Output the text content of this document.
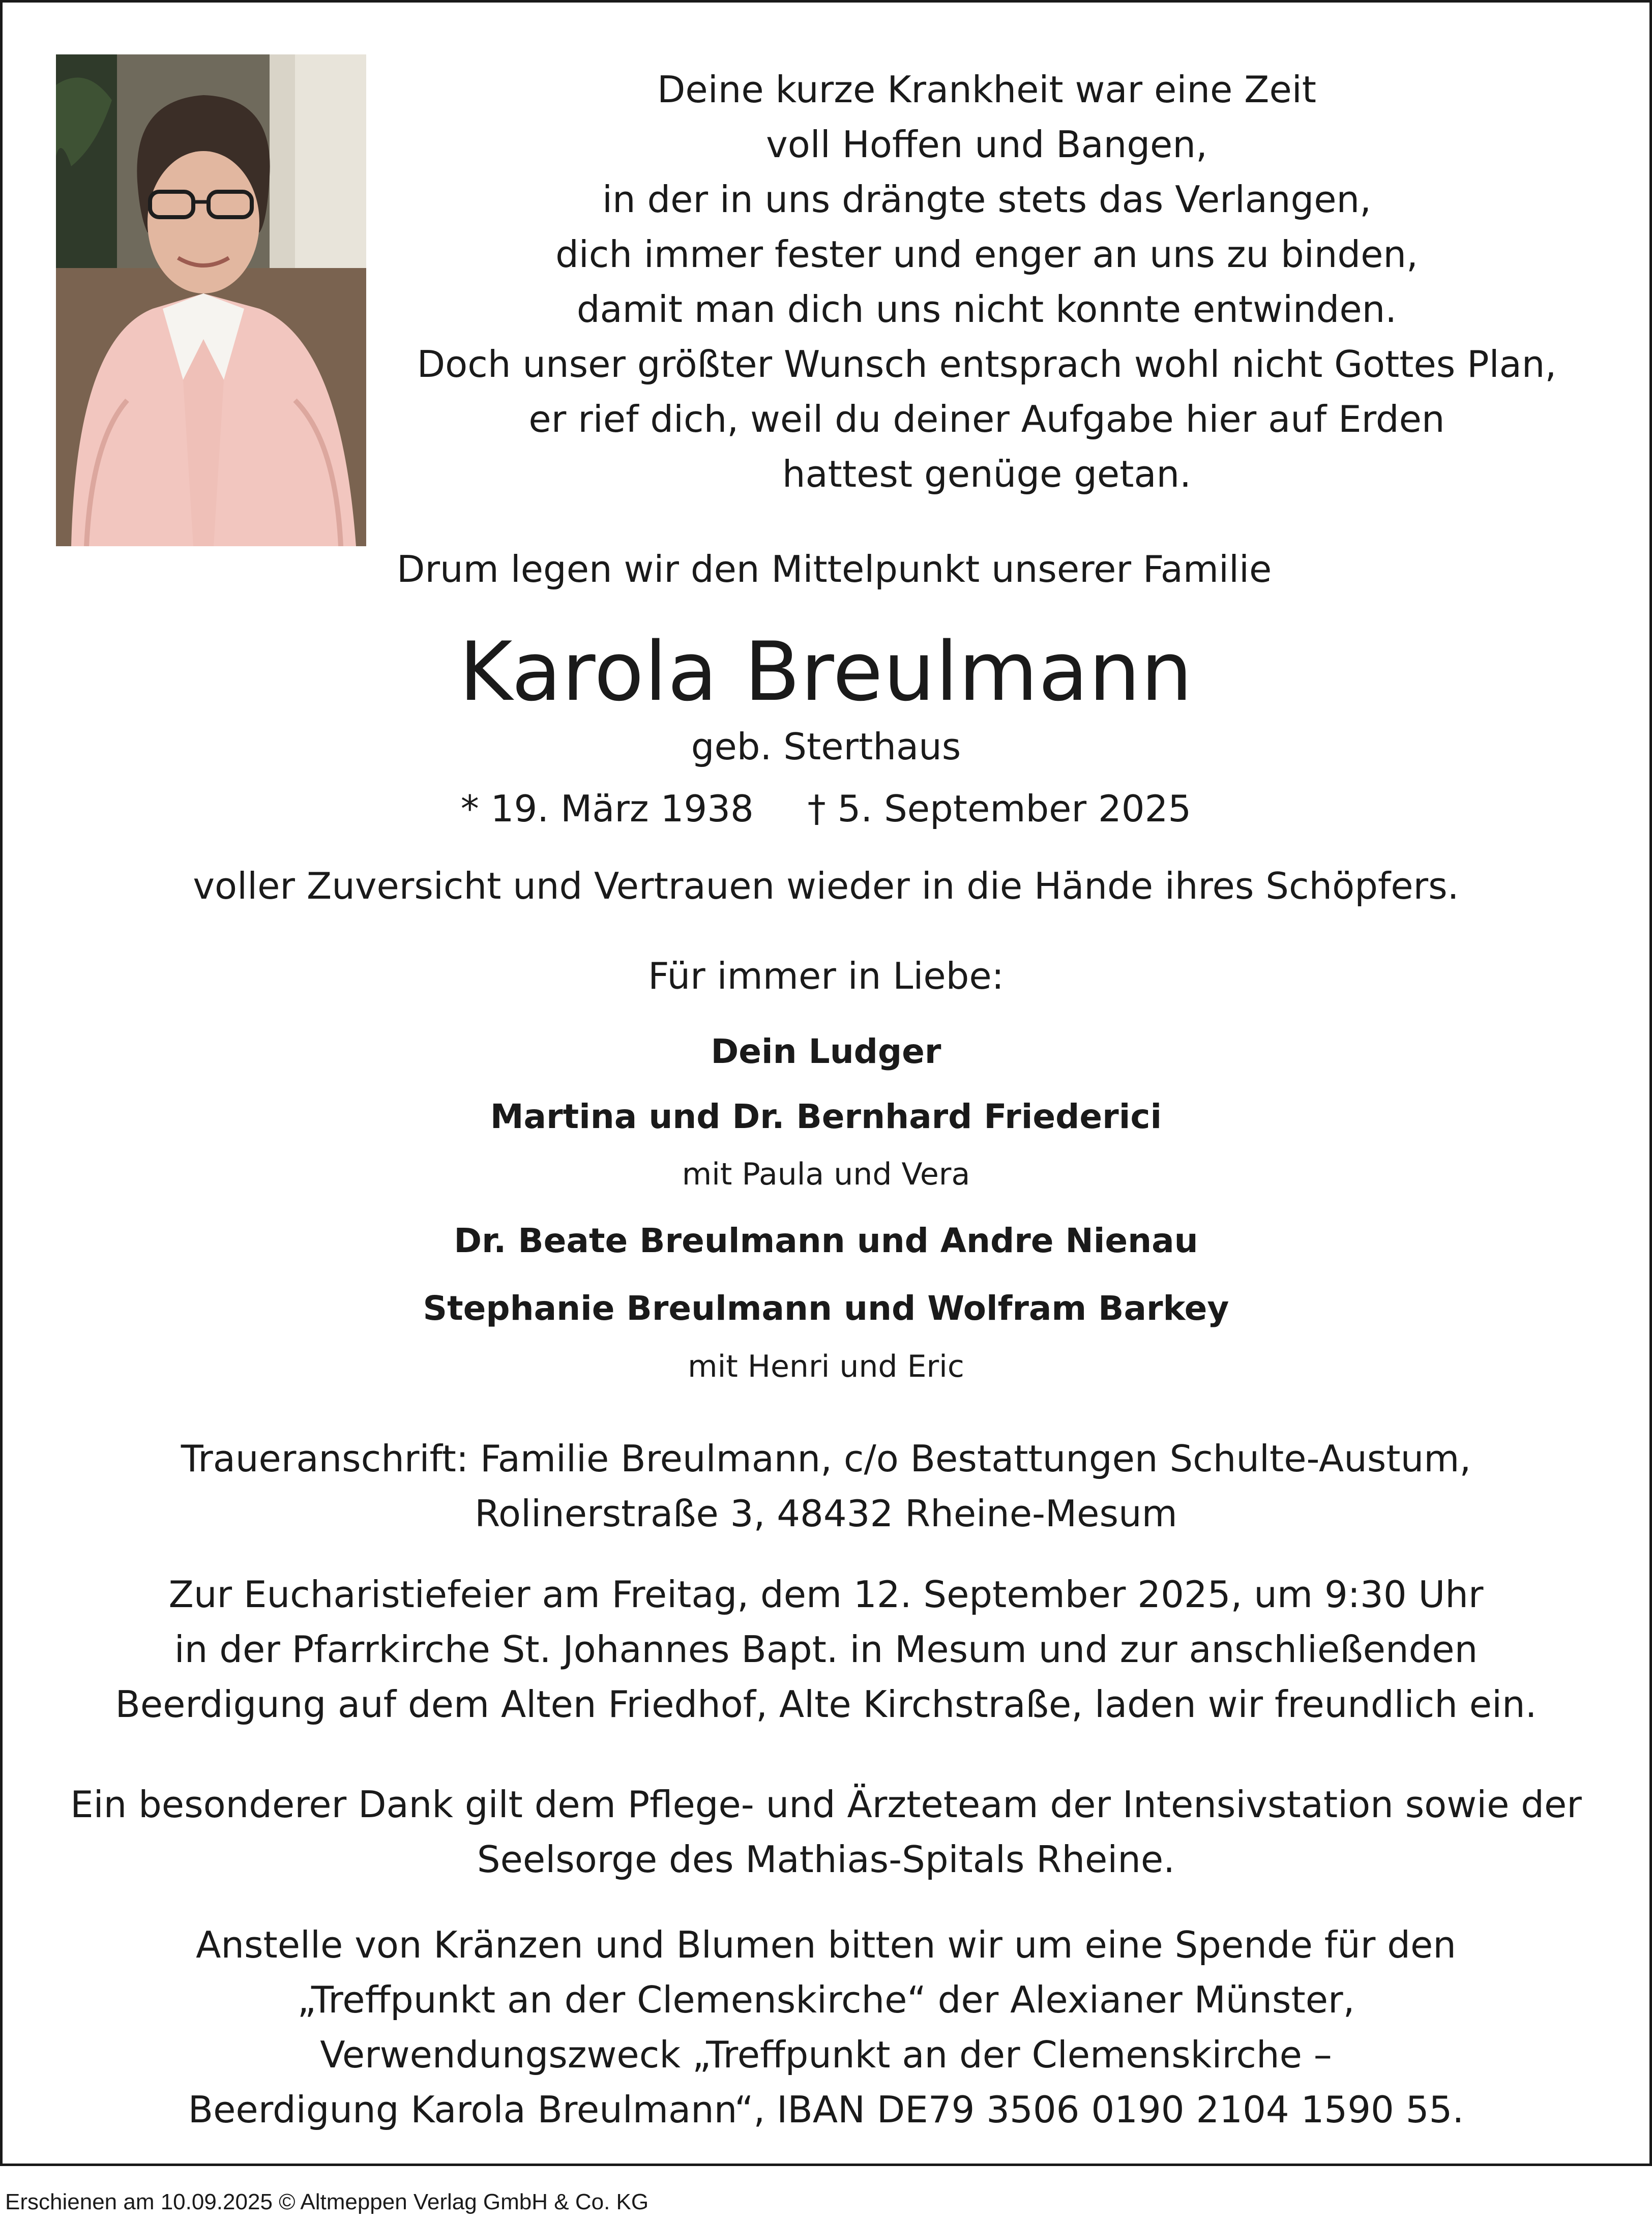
Deine kurze Krankheit war eine Zeit
voll Hoffen und Bangen,
in der in uns drängte stets das Verlangen,
dich immer fester und enger an uns zu binden,
damit man dich uns nicht konnte entwinden.
Doch unser größter Wunsch entsprach wohl nicht Gottes Plan,
er rief dich, weil du deiner Aufgabe hier auf Erden
hattest genüge getan.
Drum legen wir den Mittelpunkt unserer Familie
Karola Breulmann
geb. Sterthaus
* 19. März 1938 † 5. September 2025
voller Zuversicht und Vertrauen wieder in die Hände ihres Schöpfers.
Für immer in Liebe:
Dein Ludger
Martina und Dr. Bernhard Friederici
mit Paula und Vera
Dr. Beate Breulmann und Andre Nienau
Stephanie Breulmann und Wolfram Barkey
mit Henri und Eric
Traueranschrift: Familie Breulmann, c/o Bestattungen Schulte-Austum,
Rolinerstraße 3, 48432 Rheine-Mesum
Zur Eucharistiefeier am Freitag, dem 12. September 2025, um 9:30 Uhr
in der Pfarrkirche St. Johannes Bapt. in Mesum und zur anschließenden
Beerdigung auf dem Alten Friedhof, Alte Kirchstraße, laden wir freundlich ein.
Ein besonderer Dank gilt dem Pflege- und Ärzteteam der Intensivstation sowie der
Seelsorge des Mathias-Spitals Rheine.
Anstelle von Kränzen und Blumen bitten wir um eine Spende für den
„Treffpunkt an der Clemenskirche“ der Alexianer Münster,
Verwendungszweck „Treffpunkt an der Clemenskirche –
Beerdigung Karola Breulmann“, IBAN DE79 3506 0190 2104 1590 55.
Erschienen am 10.09.2025 © Altmeppen Verlag GmbH & Co. KG
